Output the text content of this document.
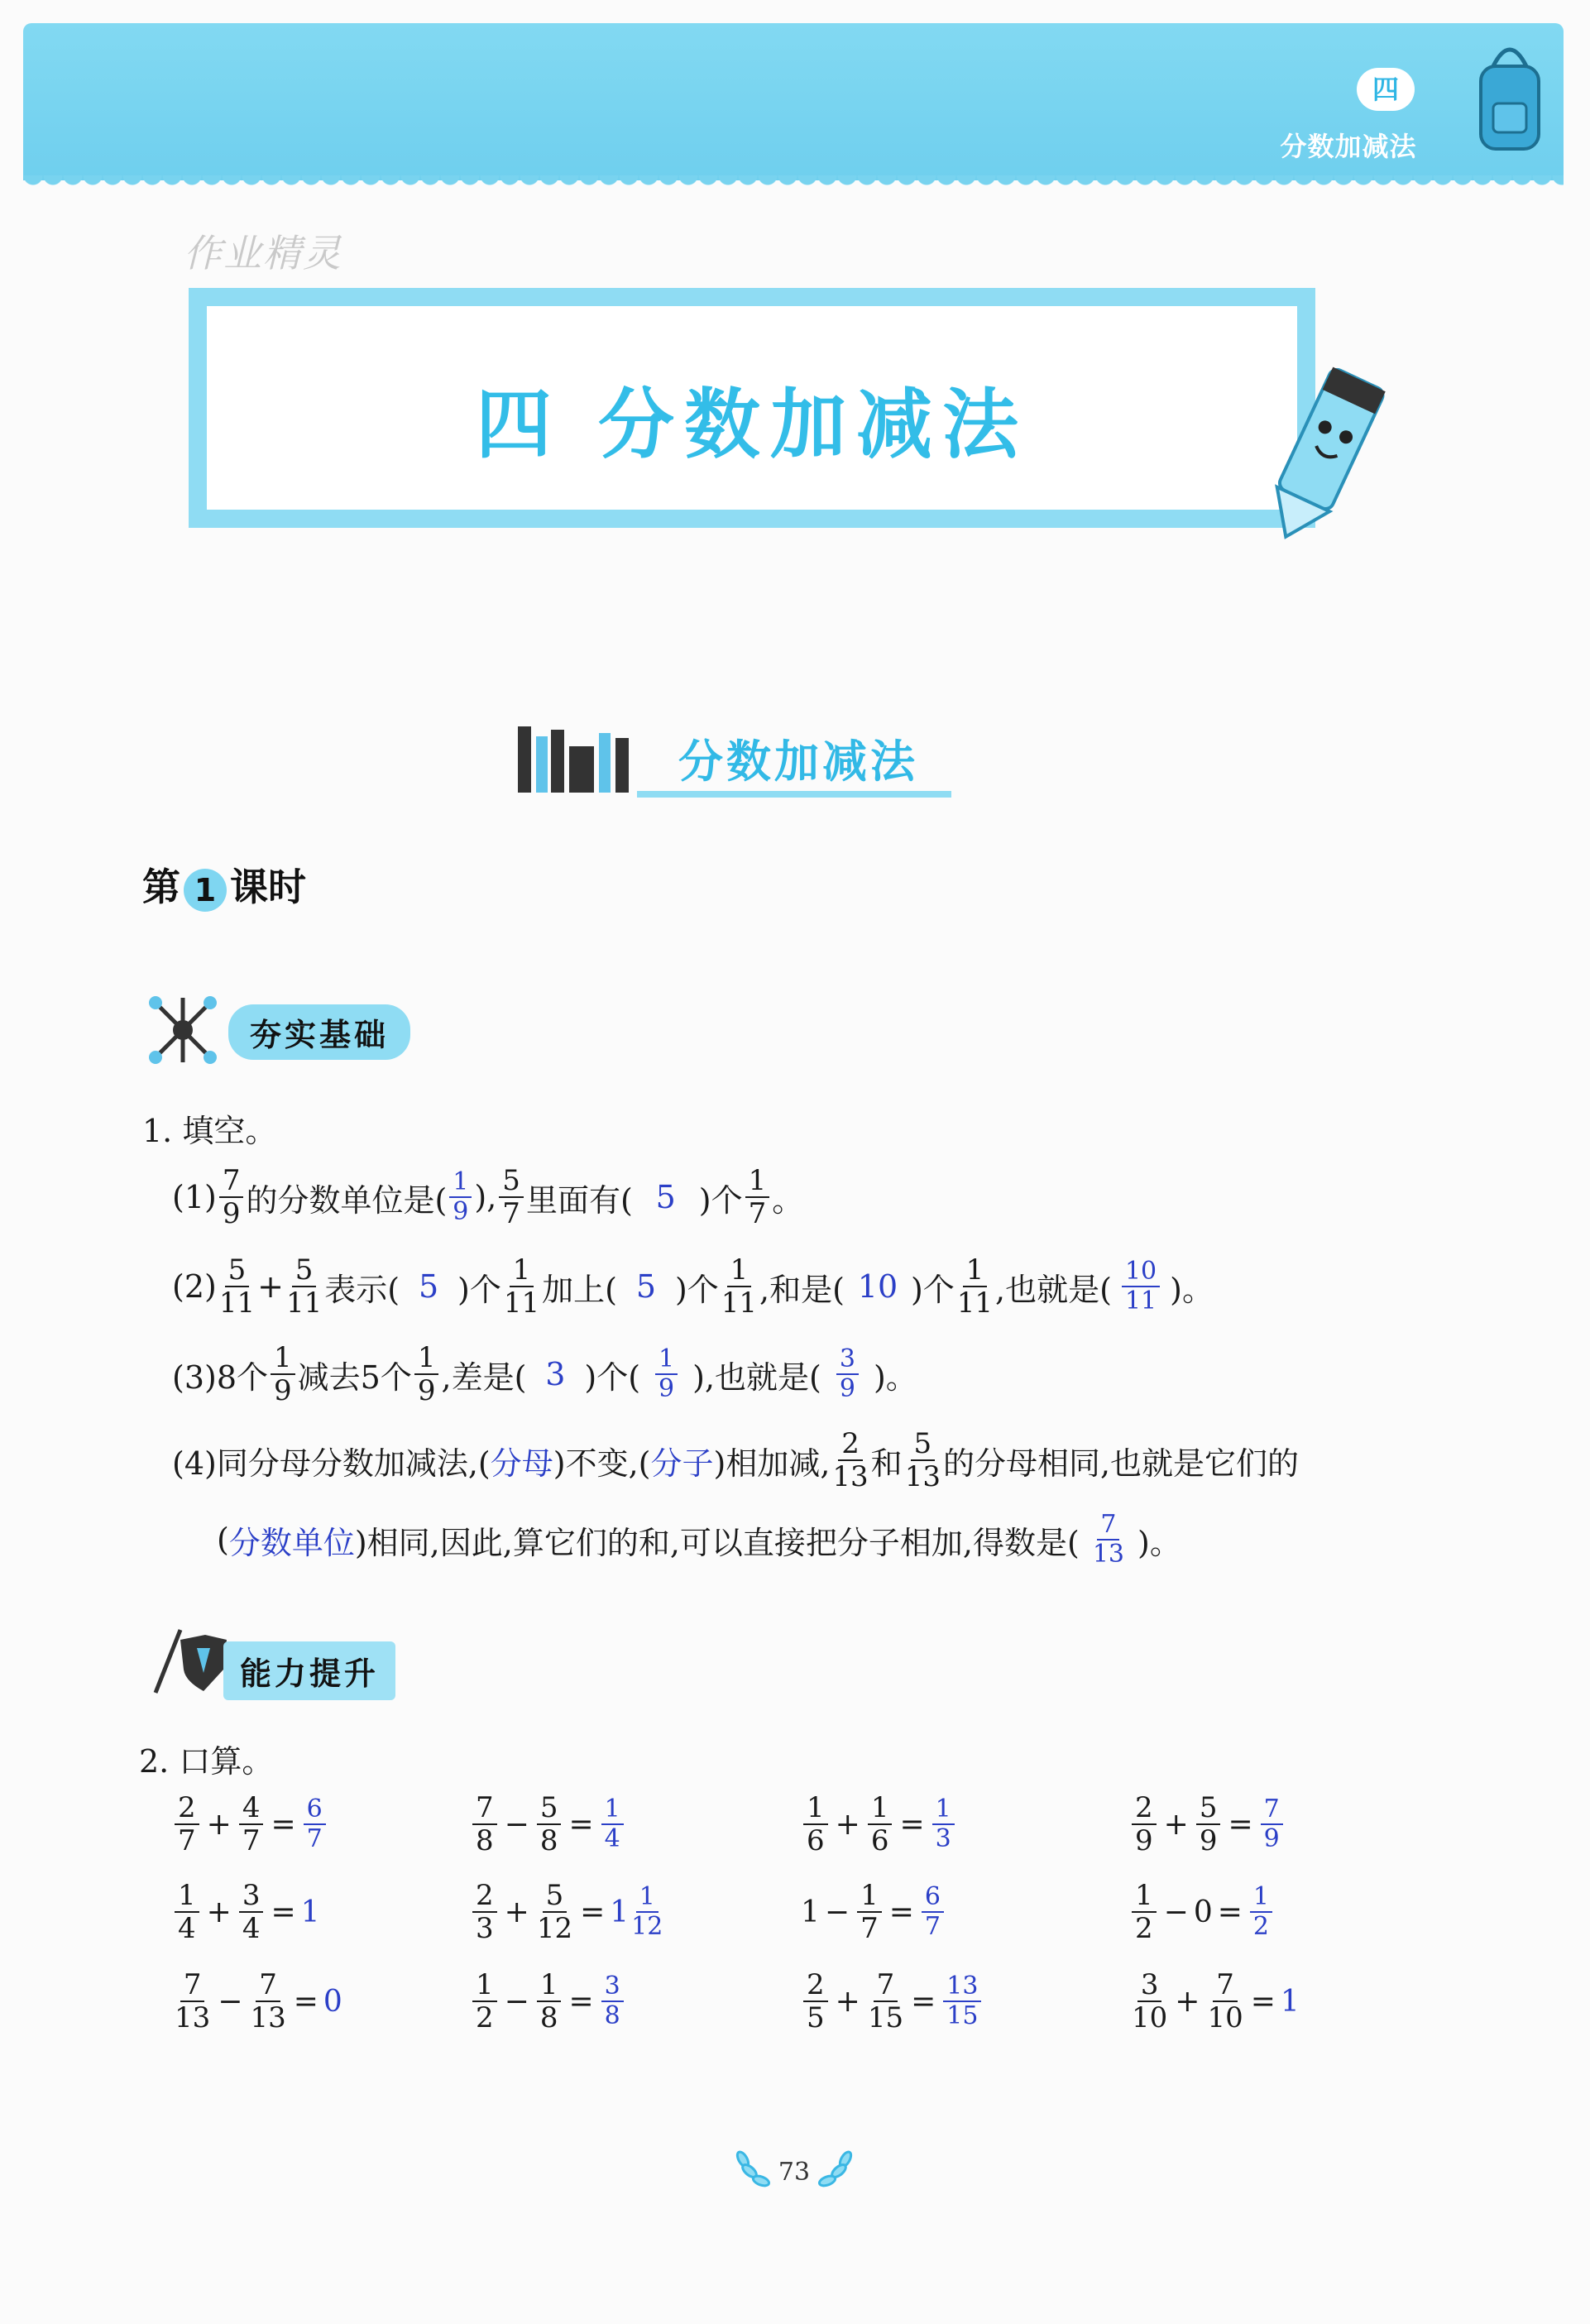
四
分数加减法
作业精灵
四 分数加减法
分数加减法
第 1 课时
夯实基础
1. 填空。
$(1) \frac{7}{9}$ 的分数单位是( $\frac{1}{9}$ ), $\frac{5}{7}$ 里面有( 5 )个 $\frac{1}{7}$ 。
$(2) \frac{5}{11} + \frac{5}{11}$ 表示( 5 )个 $\frac{1}{11}$ 加上( 5 )个 $\frac{1}{11}$ ,和是( 10 )个 $\frac{1}{11}$ ,也就是( $\frac{10}{11}$ )。
(3)8个 $\frac{1}{9}$ 减去5个 $\frac{1}{9}$ ,差是( 3 )个( $\frac{1}{9}$ ),也就是( $\frac{3}{9}$ )。
(4)同分母分数加减法,( 分母 )不变,( 分子 )相加减, $\frac{2}{13}$ 和 $\frac{5}{13}$ 的分母相同,也就是它们的
( 分数单位 )相同,因此,算它们的和,可以直接把分子相加,得数是( $\frac{7}{13}$ )。
能力提升
2. 口算。
$\frac{2}{7} + \frac{4}{7} = \frac{6}{7}$	$\frac{7}{8} - \frac{5}{8} = \frac{1}{4}$	$\frac{1}{6} + \frac{1}{6} = \frac{1}{3}$	$\frac{2}{9} + \frac{5}{9} = \frac{7}{9}$
$\frac{1}{4} + \frac{3}{4} = 1$	$\frac{2}{3} + \frac{5}{12} = 1 \frac{1}{12}$	$1 - \frac{1}{7} = \frac{6}{7}$	$\frac{1}{2} - 0 = \frac{1}{2}$
$\frac{7}{13} - \frac{7}{13} = 0$	$\frac{1}{2} - \frac{1}{8} = \frac{3}{8}$	$\frac{2}{5} + \frac{7}{15} = \frac{13}{15}$	$\frac{3}{10} + \frac{7}{10} = 1$
73
